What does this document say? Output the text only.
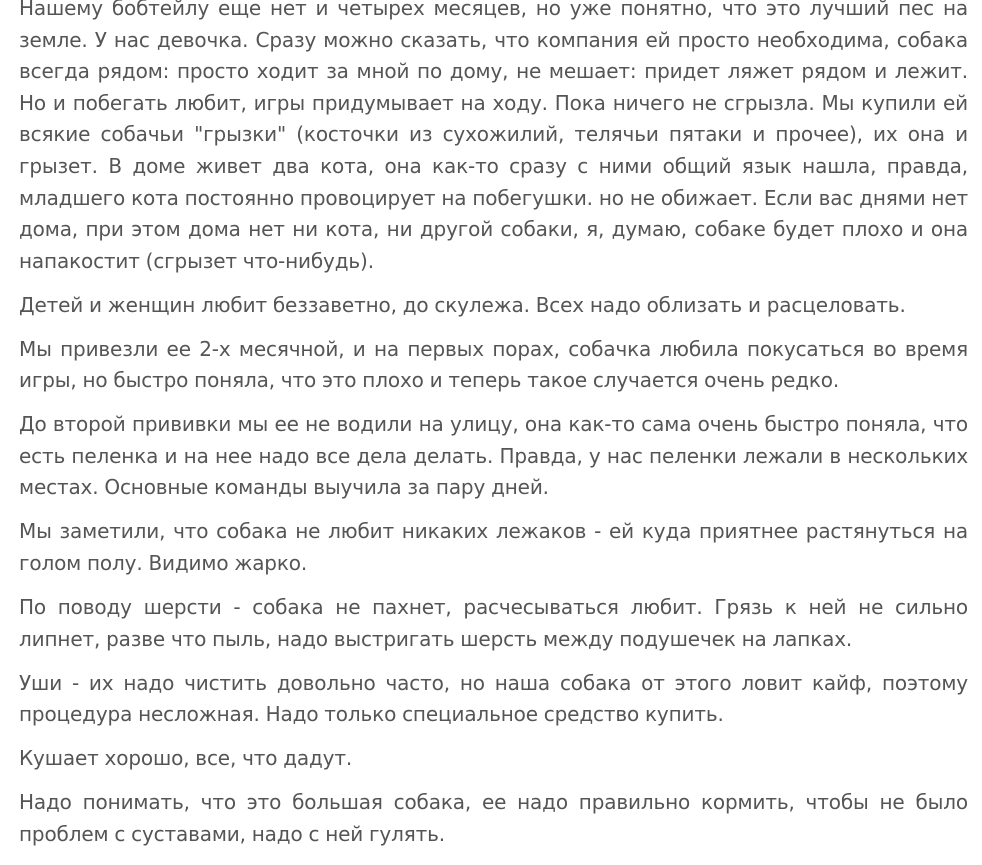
Нашему бобтейлу еще нет и четырех месяцев, но уже понятно, что это лучший пес на земле. У нас девочка. Сразу можно сказать, что компания ей просто необходима, собака всегда рядом: просто ходит за мной по дому, не мешает: придет ляжет рядом и лежит. Но и побегать любит, игры придумывает на ходу. Пока ничего не сгрызла. Мы купили ей всякие собачьи "грызки" (косточки из сухожилий, телячьи пятаки и прочее), их она и грызет. В доме живет два кота, она как-то сразу с ними общий язык нашла, правда, младшего кота постоянно провоцирует на побегушки. но не обижает. Если вас днями нет дома, при этом дома нет ни кота, ни другой собаки, я, думаю, собаке будет плохо и она напакостит (сгрызет что-нибудь).

Детей и женщин любит беззаветно, до скулежа. Всех надо облизать и расцеловать.

Мы привезли ее 2-х месячной, и на первых порах, собачка любила покусаться во время игры, но быстро поняла, что это плохо и теперь такое случается очень редко.

До второй прививки мы ее не водили на улицу, она как-то сама очень быстро поняла, что есть пеленка и на нее надо все дела делать. Правда, у нас пеленки лежали в нескольких местах. Основные команды выучила за пару дней.

Мы заметили, что собака не любит никаких лежаков - ей куда приятнее растянуться на голом полу. Видимо жарко.

По поводу шерсти - собака не пахнет, расчесываться любит. Грязь к ней не сильно липнет, разве что пыль, надо выстригать шерсть между подушечек на лапках.

Уши - их надо чистить довольно часто, но наша собака от этого ловит кайф, поэтому процедура несложная. Надо только специальное средство купить.

Кушает хорошо, все, что дадут.

Надо понимать, что это большая собака, ее надо правильно кормить, чтобы не было проблем с суставами, надо с ней гулять.
